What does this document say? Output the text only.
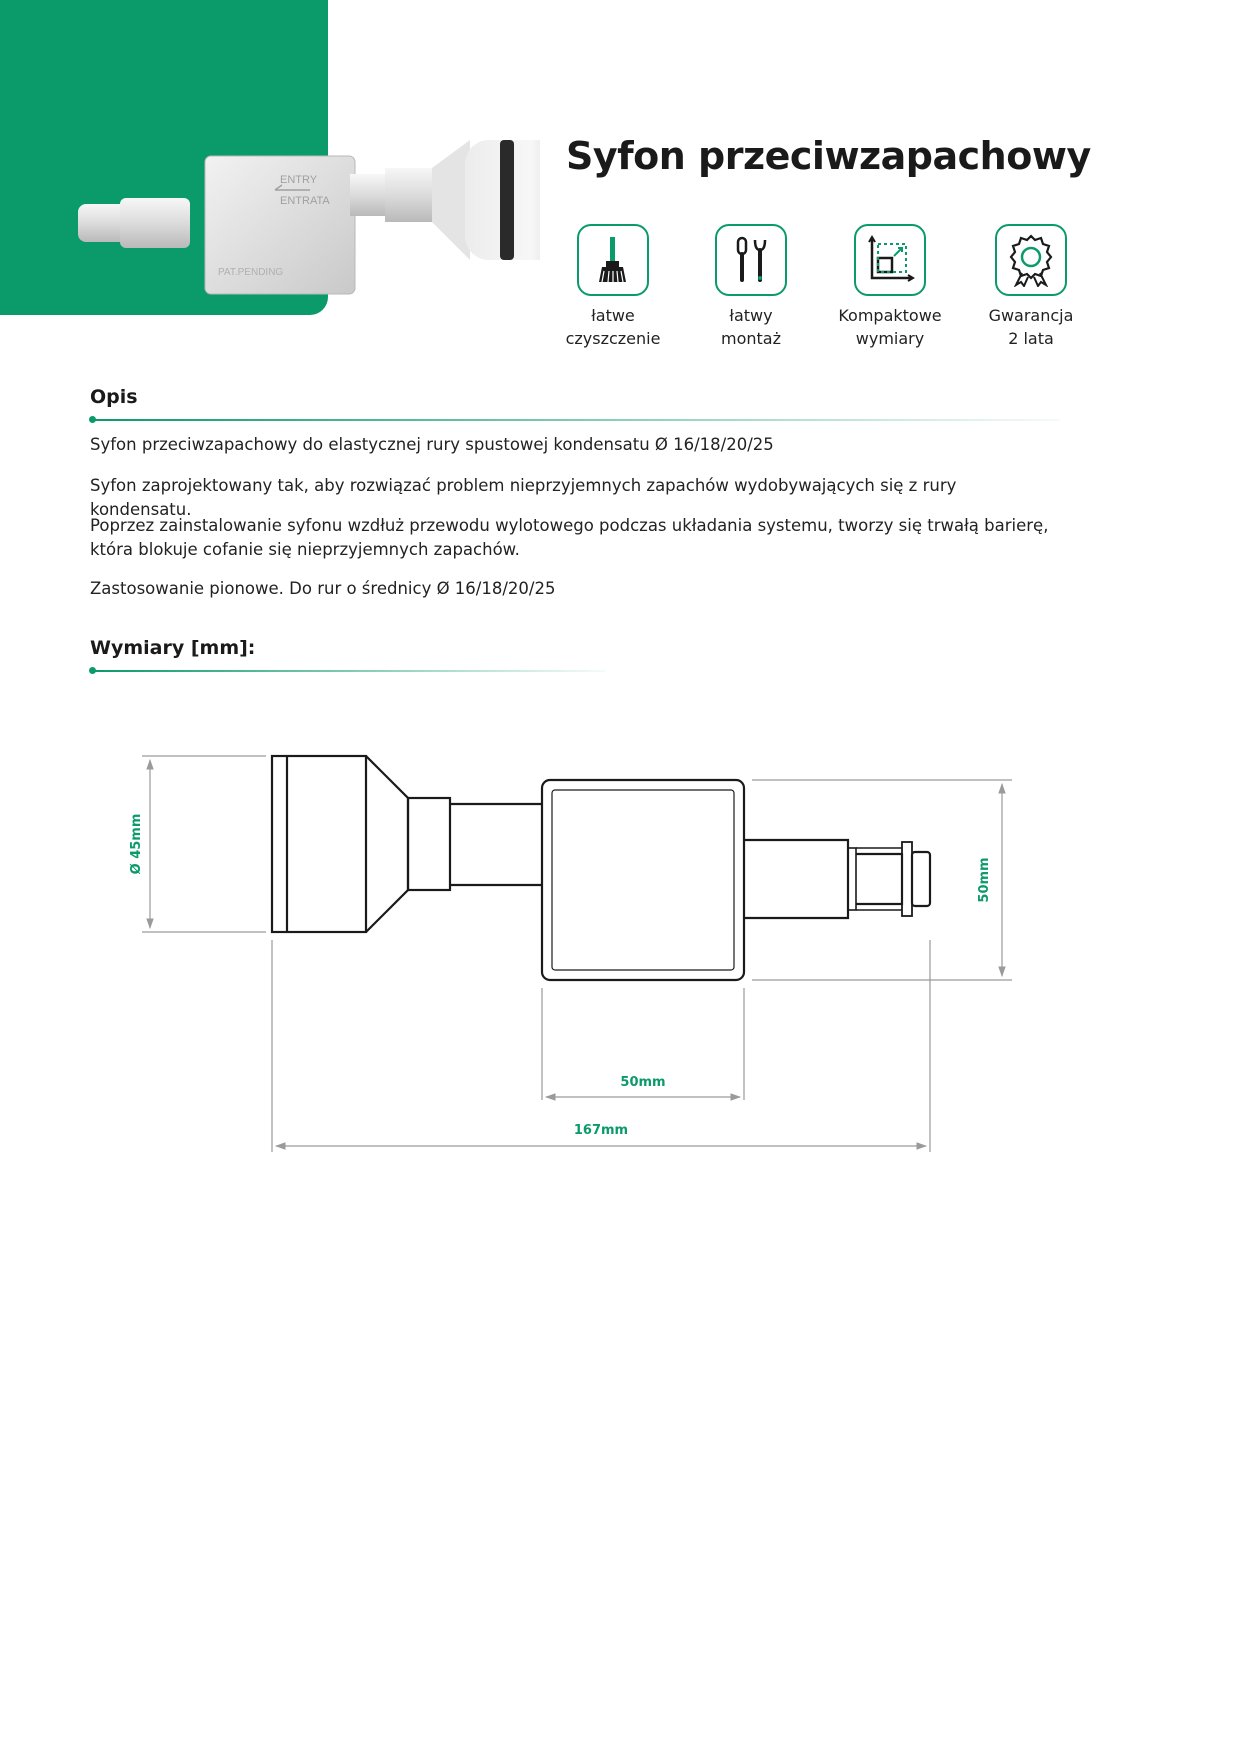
ENTRY
ENTRATA
PAT.PENDING
Syfon przeciwzapachowy
łatwe
czyszczenie
łatwy
montaż
Kompaktowe
wymiary
Gwarancja
2 lata
Opis

Syfon przeciwzapachowy do elastycznej rury spustowej kondensatu Ø 16/18/20/25

Syfon zaprojektowany tak, aby rozwiązać problem nieprzyjemnych zapachów wydobywających się z rury kondensatu.

Poprzez zainstalowanie syfonu wzdłuż przewodu wylotowego podczas układania systemu, tworzy się trwałą barierę, która blokuje cofanie się nieprzyjemnych zapachów.

Zastosowanie pionowe. Do rur o średnicy Ø 16/18/20/25

Wymiary [mm]:
Ø 45mm
50mm
50mm
167mm
